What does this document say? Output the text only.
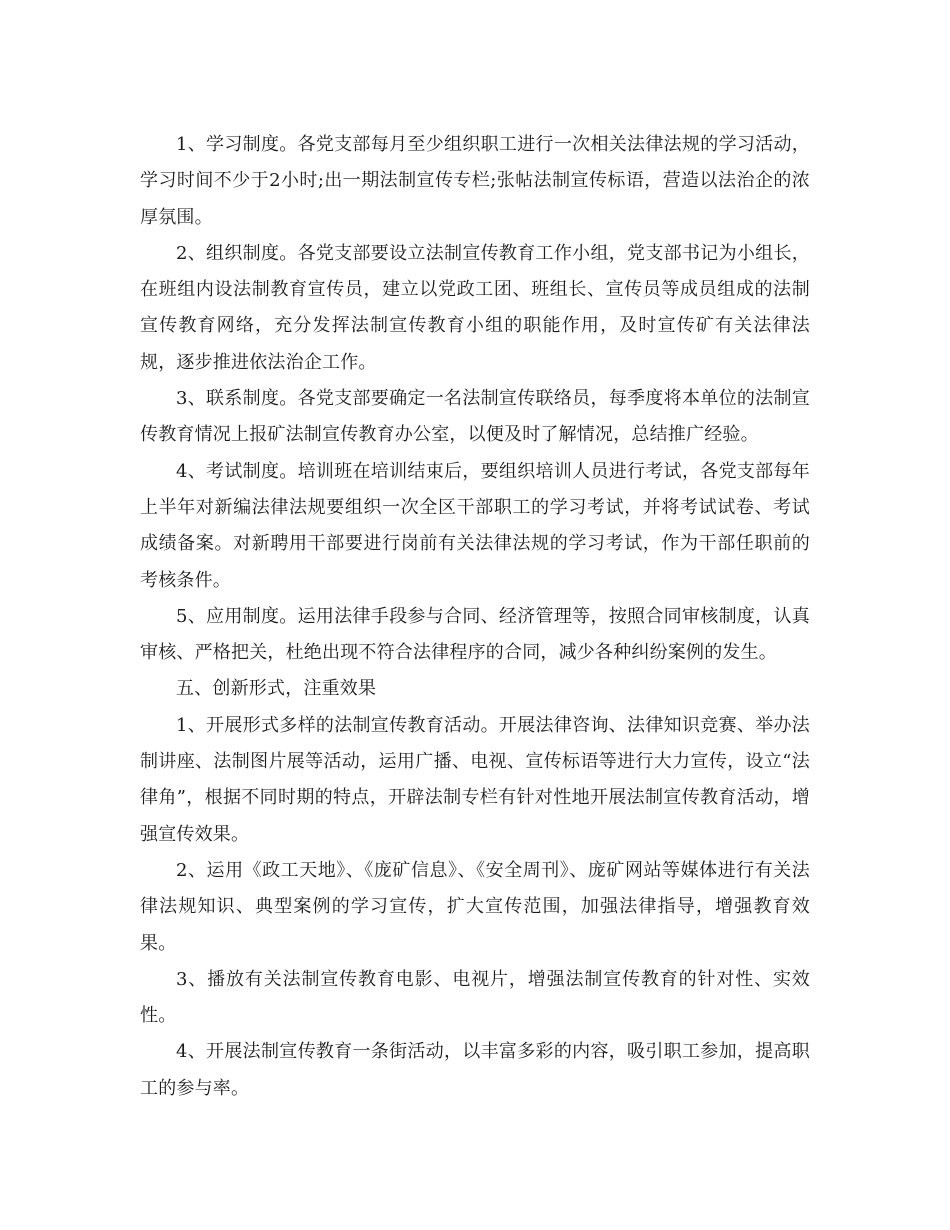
1、学习制度。各党支部每月至少组织职工进行一次相关法律法规的学习活动，学习时间不少于2小时;出一期法制宣传专栏;张帖法制宣传标语，营造以法治企的浓厚氛围。

2、组织制度。各党支部要设立法制宣传教育工作小组，党支部书记为小组长，在班组内设法制教育宣传员，建立以党政工团、班组长、宣传员等成员组成的法制宣传教育网络，充分发挥法制宣传教育小组的职能作用，及时宣传矿有关法律法规，逐步推进依法治企工作。

3、联系制度。各党支部要确定一名法制宣传联络员，每季度将本单位的法制宣传教育情况上报矿法制宣传教育办公室，以便及时了解情况，总结推广经验。

4、考试制度。培训班在培训结束后，要组织培训人员进行考试，各党支部每年上半年对新编法律法规要组织一次全区干部职工的学习考试，并将考试试卷、考试成绩备案。对新聘用干部要进行岗前有关法律法规的学习考试，作为干部任职前的考核条件。

5、应用制度。运用法律手段参与合同、经济管理等，按照合同审核制度，认真审核、严格把关，杜绝出现不符合法律程序的合同，减少各种纠纷案例的发生。

五、创新形式，注重效果

1、开展形式多样的法制宣传教育活动。开展法律咨询、法律知识竞赛、举办法制讲座、法制图片展等活动，运用广播、电视、宣传标语等进行大力宣传，设立“法律角”，根据不同时期的特点，开辟法制专栏有针对性地开展法制宣传教育活动，增强宣传效果。

2、运用《政工天地》、《庞矿信息》、《安全周刊》、庞矿网站等媒体进行有关法律法规知识、典型案例的学习宣传，扩大宣传范围，加强法律指导，增强教育效果。

3、播放有关法制宣传教育电影、电视片，增强法制宣传教育的针对性、实效性。

4、开展法制宣传教育一条街活动，以丰富多彩的内容，吸引职工参加，提高职工的参与率。
